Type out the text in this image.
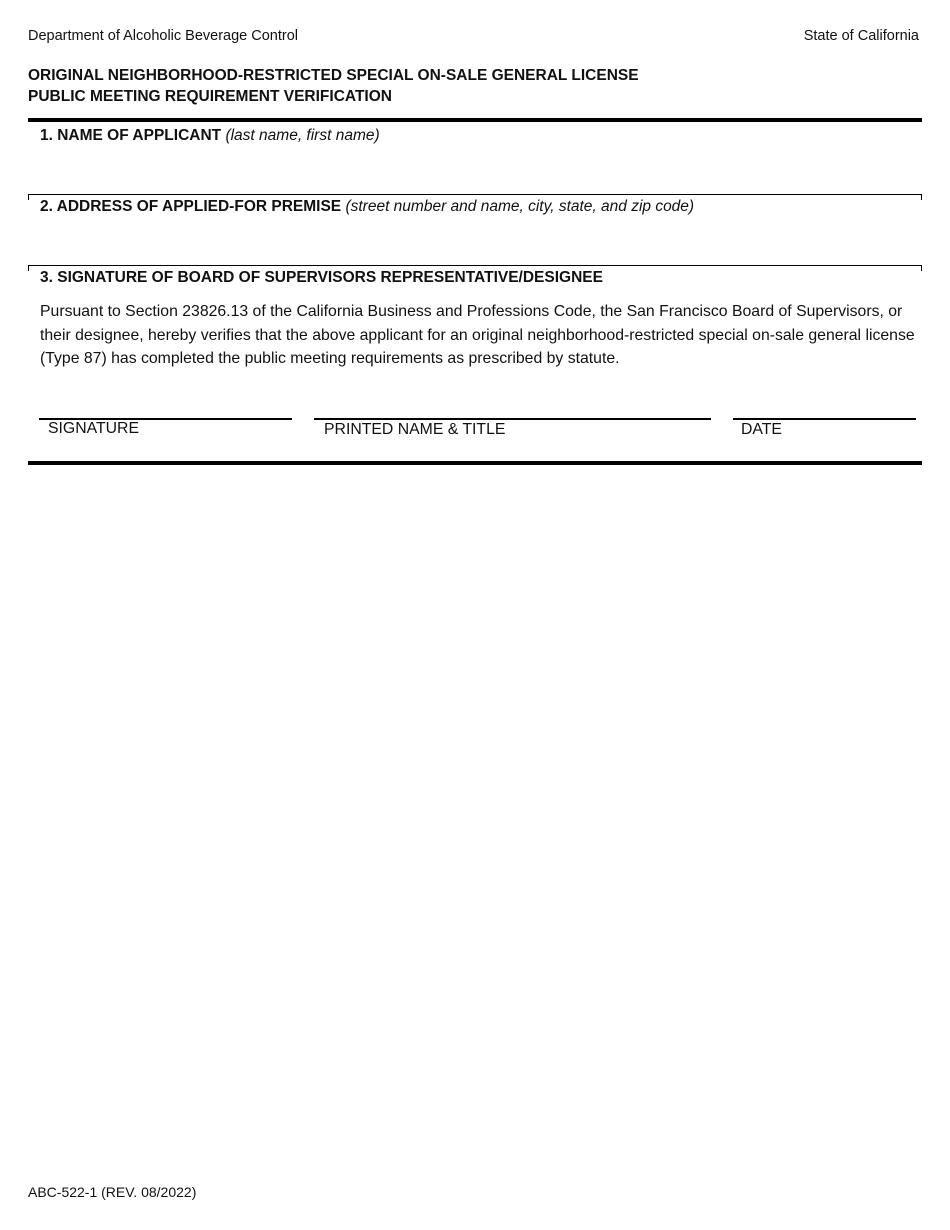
Department of Alcoholic Beverage Control	State of California
ORIGINAL NEIGHBORHOOD-RESTRICTED SPECIAL ON-SALE GENERAL LICENSE
PUBLIC MEETING REQUIREMENT VERIFICATION
1. NAME OF APPLICANT (last name, first name)
2. ADDRESS OF APPLIED-FOR PREMISE (street number and name, city, state, and zip code)
3. SIGNATURE OF BOARD OF SUPERVISORS REPRESENTATIVE/DESIGNEE
Pursuant to Section 23826.13 of the California Business and Professions Code, the San Francisco Board of Supervisors, or their designee, hereby verifies that the above applicant for an original neighborhood-restricted special on-sale general license (Type 87) has completed the public meeting requirements as prescribed by statute.
SIGNATURE	PRINTED NAME & TITLE	DATE
ABC-522-1 (REV. 08/2022)
